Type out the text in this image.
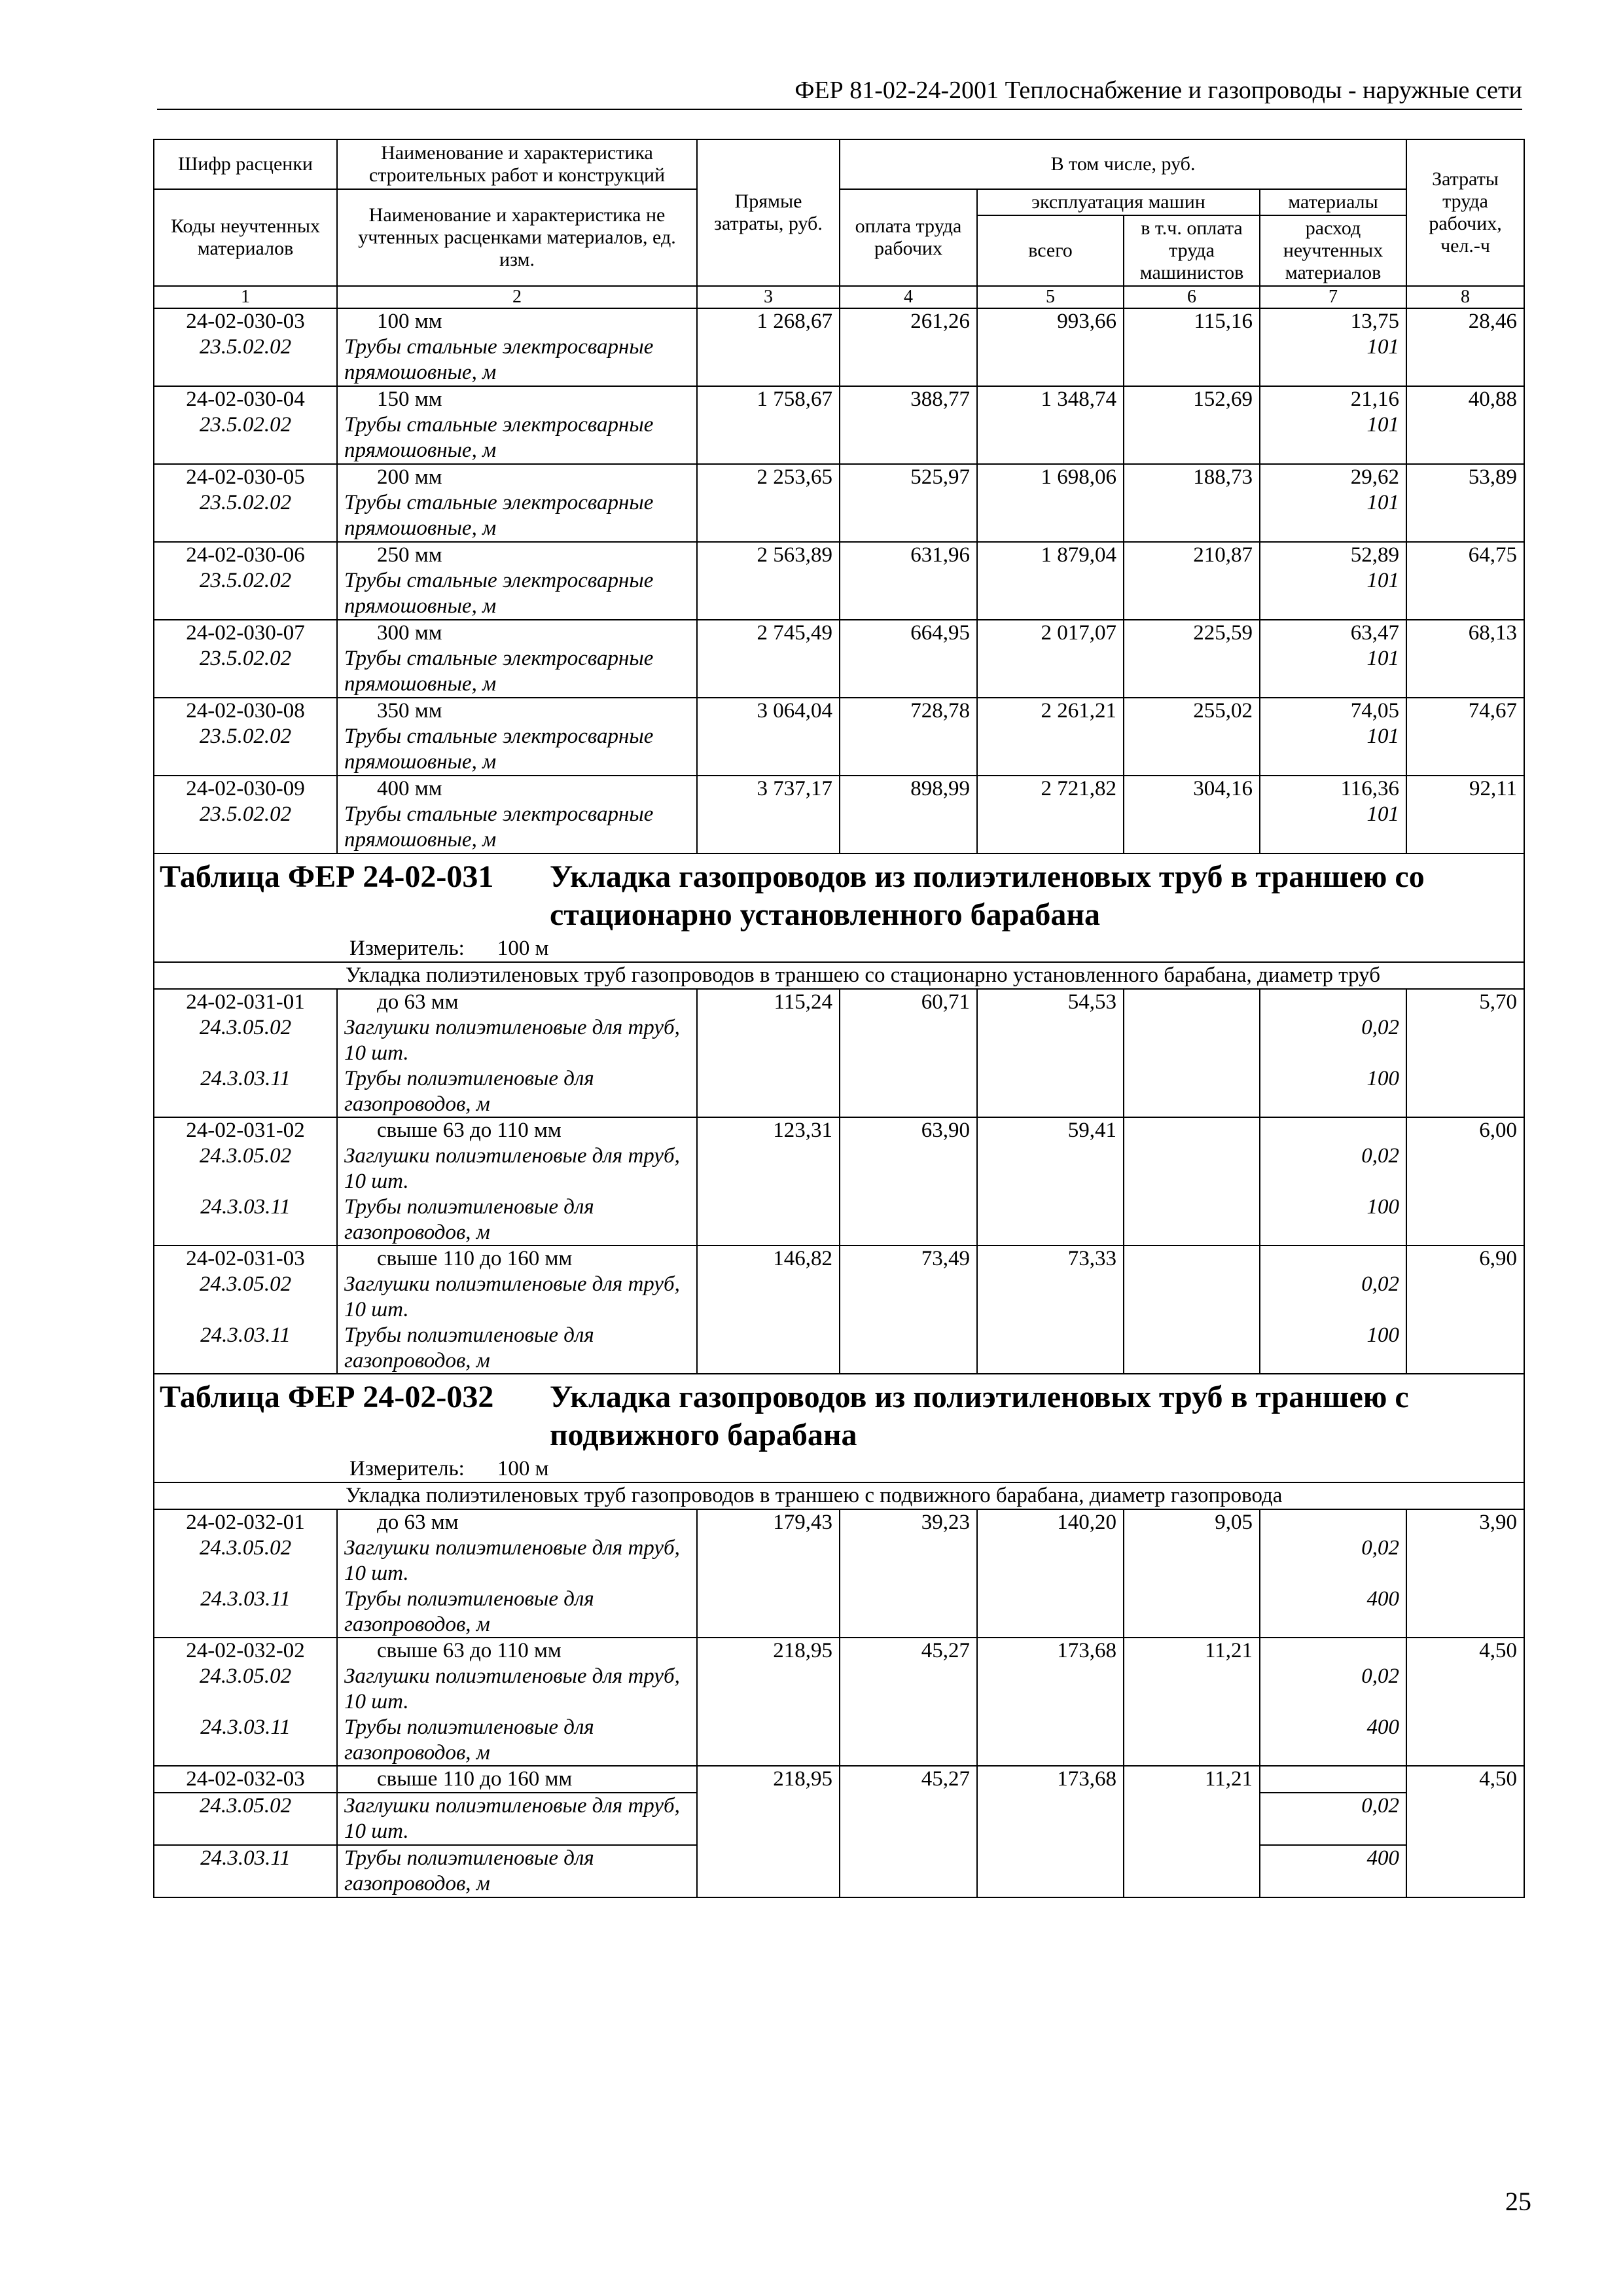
ФЕР 81-02-24-2001 Теплоснабжение и газопроводы - наружные сети
Шифр расценки	Наименование и характеристика строительных работ и конструкций	Прямые затраты, руб.	В том числе, руб.				Затраты труда рабочих, чел.-ч
Коды неучтенных материалов	Наименование и характеристика не учтенных расценками материалов, ед. изм.		оплата труда рабочих	эксплуатация машин		материалы	
				всего	в т.ч. оплата труда машинистов	расход неучтенных материалов	

1	2	3	4	5	6	7	8
24-02-030-03	100 мм	1 268,67	261,26	993,66	115,16	13,75	28,46
23.5.02.02	Трубы стальные электросварные прямошовные, м					101	

24-02-030-04	150 мм	1 758,67	388,77	1 348,74	152,69	21,16	40,88
23.5.02.02	Трубы стальные электросварные прямошовные, м					101	

24-02-030-05	200 мм	2 253,65	525,97	1 698,06	188,73	29,62	53,89
23.5.02.02	Трубы стальные электросварные прямошовные, м					101	

24-02-030-06	250 мм	2 563,89	631,96	1 879,04	210,87	52,89	64,75
23.5.02.02	Трубы стальные электросварные прямошовные, м					101	

24-02-030-07	300 мм	2 745,49	664,95	2 017,07	225,59	63,47	68,13
23.5.02.02	Трубы стальные электросварные прямошовные, м					101	

24-02-030-08	350 мм	3 064,04	728,78	2 261,21	255,02	74,05	74,67
23.5.02.02	Трубы стальные электросварные прямошовные, м					101	

24-02-030-09	400 мм	3 737,17	898,99	2 721,82	304,16	116,36	92,11
23.5.02.02	Трубы стальные электросварные прямошовные, м					101	

Таблица ФЕР 24-02-031 Укладка газопроводов из полиэтиленовых труб в траншею со стационарно установленного барабана
Измеритель: 100 м							

Укладка полиэтиленовых труб газопроводов в траншею со стационарно установленного барабана, диаметр труб							
24-02-031-01	до 63 мм	115,24	60,71	54,53			5,70
24.3.05.02	Заглушки полиэтиленовые для труб, 10 шт.					0,02	
24.3.03.11	Трубы полиэтиленовые для газопроводов, м					100	

24-02-031-02	свыше 63 до 110 мм	123,31	63,90	59,41			6,00
24.3.05.02	Заглушки полиэтиленовые для труб, 10 шт.					0,02	
24.3.03.11	Трубы полиэтиленовые для газопроводов, м					100	

24-02-031-03	свыше 110 до 160 мм	146,82	73,49	73,33			6,90
24.3.05.02	Заглушки полиэтиленовые для труб, 10 шт.					0,02	
24.3.03.11	Трубы полиэтиленовые для газопроводов, м					100	

Таблица ФЕР 24-02-032 Укладка газопроводов из полиэтиленовых труб в траншею с подвижного барабана
Измеритель: 100 м							

Укладка полиэтиленовых труб газопроводов в траншею с подвижного барабана, диаметр газопровода							
24-02-032-01	до 63 мм	179,43	39,23	140,20	9,05		3,90
24.3.05.02	Заглушки полиэтиленовые для труб, 10 шт.					0,02	
24.3.03.11	Трубы полиэтиленовые для газопроводов, м					400	

24-02-032-02	свыше 63 до 110 мм	218,95	45,27	173,68	11,21		4,50
24.3.05.02	Заглушки полиэтиленовые для труб, 10 шт.					0,02	
24.3.03.11	Трубы полиэтиленовые для газопроводов, м					400	

24-02-032-03	свыше 110 до 160 мм	218,95	45,27	173,68	11,21		4,50
24.3.05.02	Заглушки полиэтиленовые для труб, 10 шт.					0,02	
24.3.03.11	Трубы полиэтиленовые для газопроводов, м					400	
25
